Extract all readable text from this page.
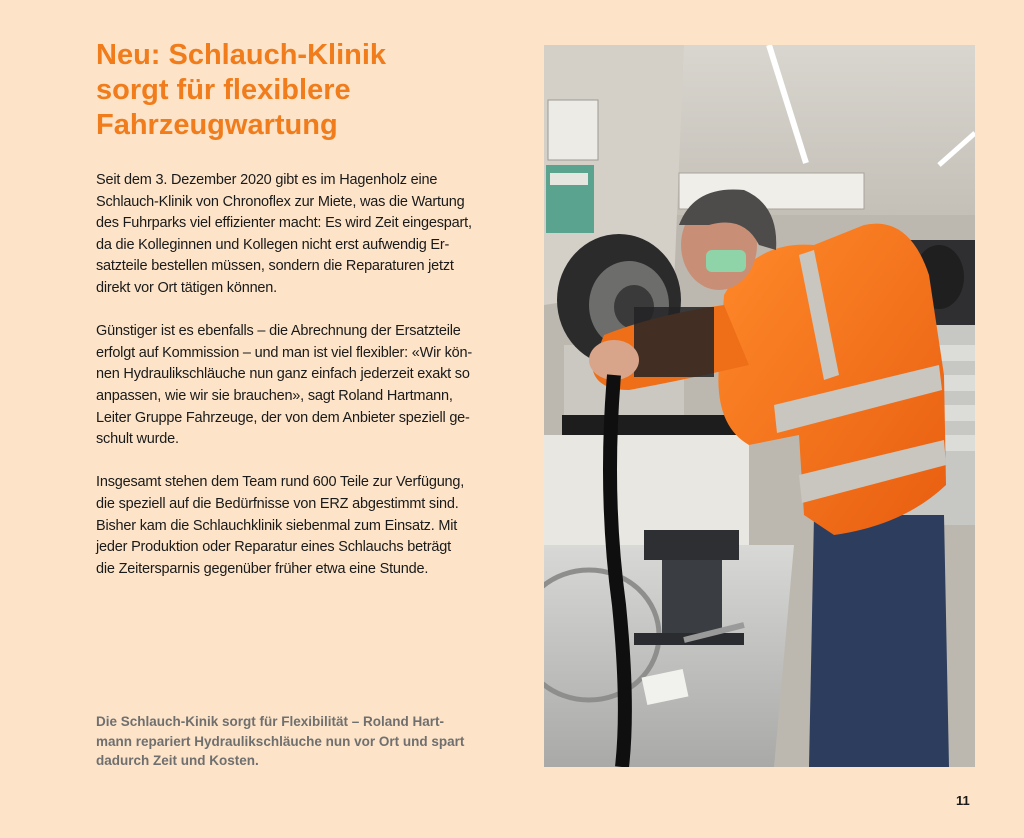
Neu: Schlauch-Klinik
sorgt für flexiblere
Fahrzeugwartung

Seit dem 3. Dezember 2020 gibt es im Hagenholz eine
Schlauch-Klinik von Chronoflex zur Miete, was die Wartung
des Fuhrparks viel effizienter macht: Es wird Zeit eingespart,
da die Kolleginnen und Kollegen nicht erst aufwendig Er-
satzteile bestellen müssen, sondern die Reparaturen jetzt
direkt vor Ort tätigen können.

Günstiger ist es ebenfalls – die Abrechnung der Ersatzteile
erfolgt auf Kommission – und man ist viel flexibler: «Wir kön-
nen Hydraulikschläuche nun ganz einfach jederzeit exakt so
anpassen, wie wir sie brauchen», sagt Roland Hartmann,
Leiter Gruppe Fahrzeuge, der von dem Anbieter speziell ge-
schult wurde.

Insgesamt stehen dem Team rund 600 Teile zur Verfügung,
die speziell auf die Bedürfnisse von ERZ abgestimmt sind.
Bisher kam die Schlauchklinik siebenmal zum Einsatz. Mit
jeder Produktion oder Reparatur eines Schlauchs beträgt
die Zeitersparnis gegenüber früher etwa eine Stunde.

Die Schlauch-Kinik sorgt für Flexibilität – Roland Hart-
mann repariert Hydraulikschläuche nun vor Ort und spart
dadurch Zeit und Kosten.
11
